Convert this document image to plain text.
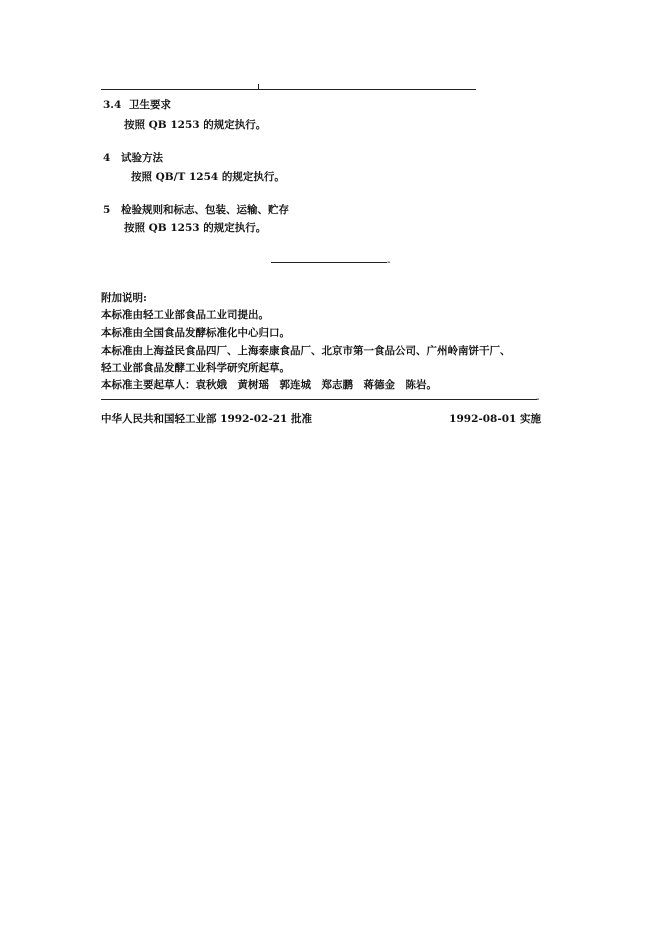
3.4 卫生要求
按照 QB 1253 的规定执行。
4 试验方法
按照 QB/T 1254 的规定执行。
5 检验规则和标志、包装、运输、贮存
按照 QB 1253 的规定执行。
-
附加说明:
本标准由轻工业部食品工业司提出。
本标准由全国食品发酵标准化中心归口。
本标准由上海益民食品四厂、上海泰康食品厂、北京市第一食品公司、广州岭南饼干厂、
轻工业部食品发酵工业科学研究所起草。
本标准主要起草人：袁秋娥　黄树瑶　郭连城　郑志鹏　蒋德金　陈岩。
-
中华人民共和国轻工业部 1992-02-21 批准	1992-08-01 实施
